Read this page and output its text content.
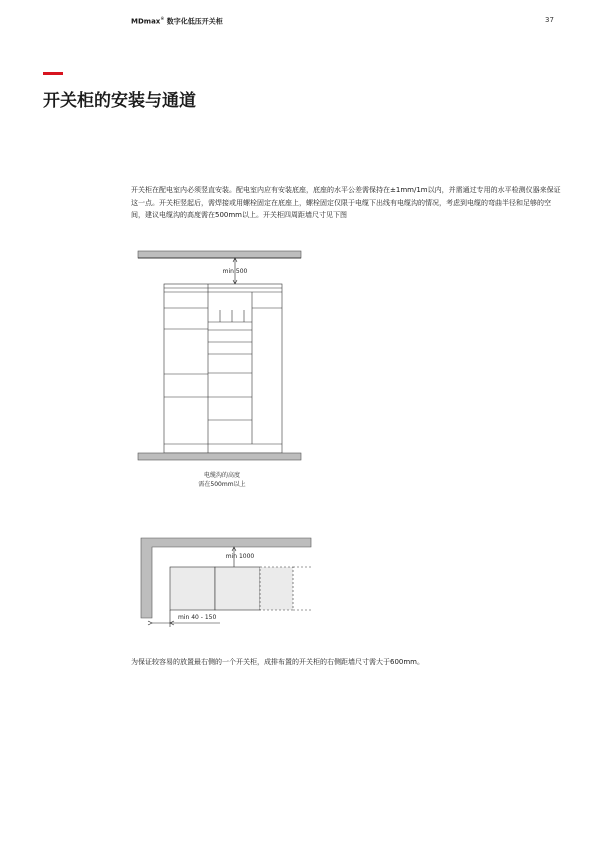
MDmax® 数字化低压开关柜	37
开关柜的安装与通道

开关柜在配电室内必须竖直安装。配电室内应有安装底座，底座的水平公差需保持在±1mm/1m以内，并需通过专用的水平检测仪器来保证这一点。开关柜竖起后，需焊接或用螺栓固定在底座上，螺栓固定仅限于电缆下出线有电缆沟的情况，考虑到电缆的弯曲半径和足够的空间，建议电缆沟的高度需在500mm以上。开关柜四周距墙尺寸见下图

min 500
电缆沟的高度
需在500mm以上
min 1000
min 40 - 150

为保证较容易的放置最右侧的一个开关柜，成排布置的开关柜的右侧距墙尺寸需大于600mm。
